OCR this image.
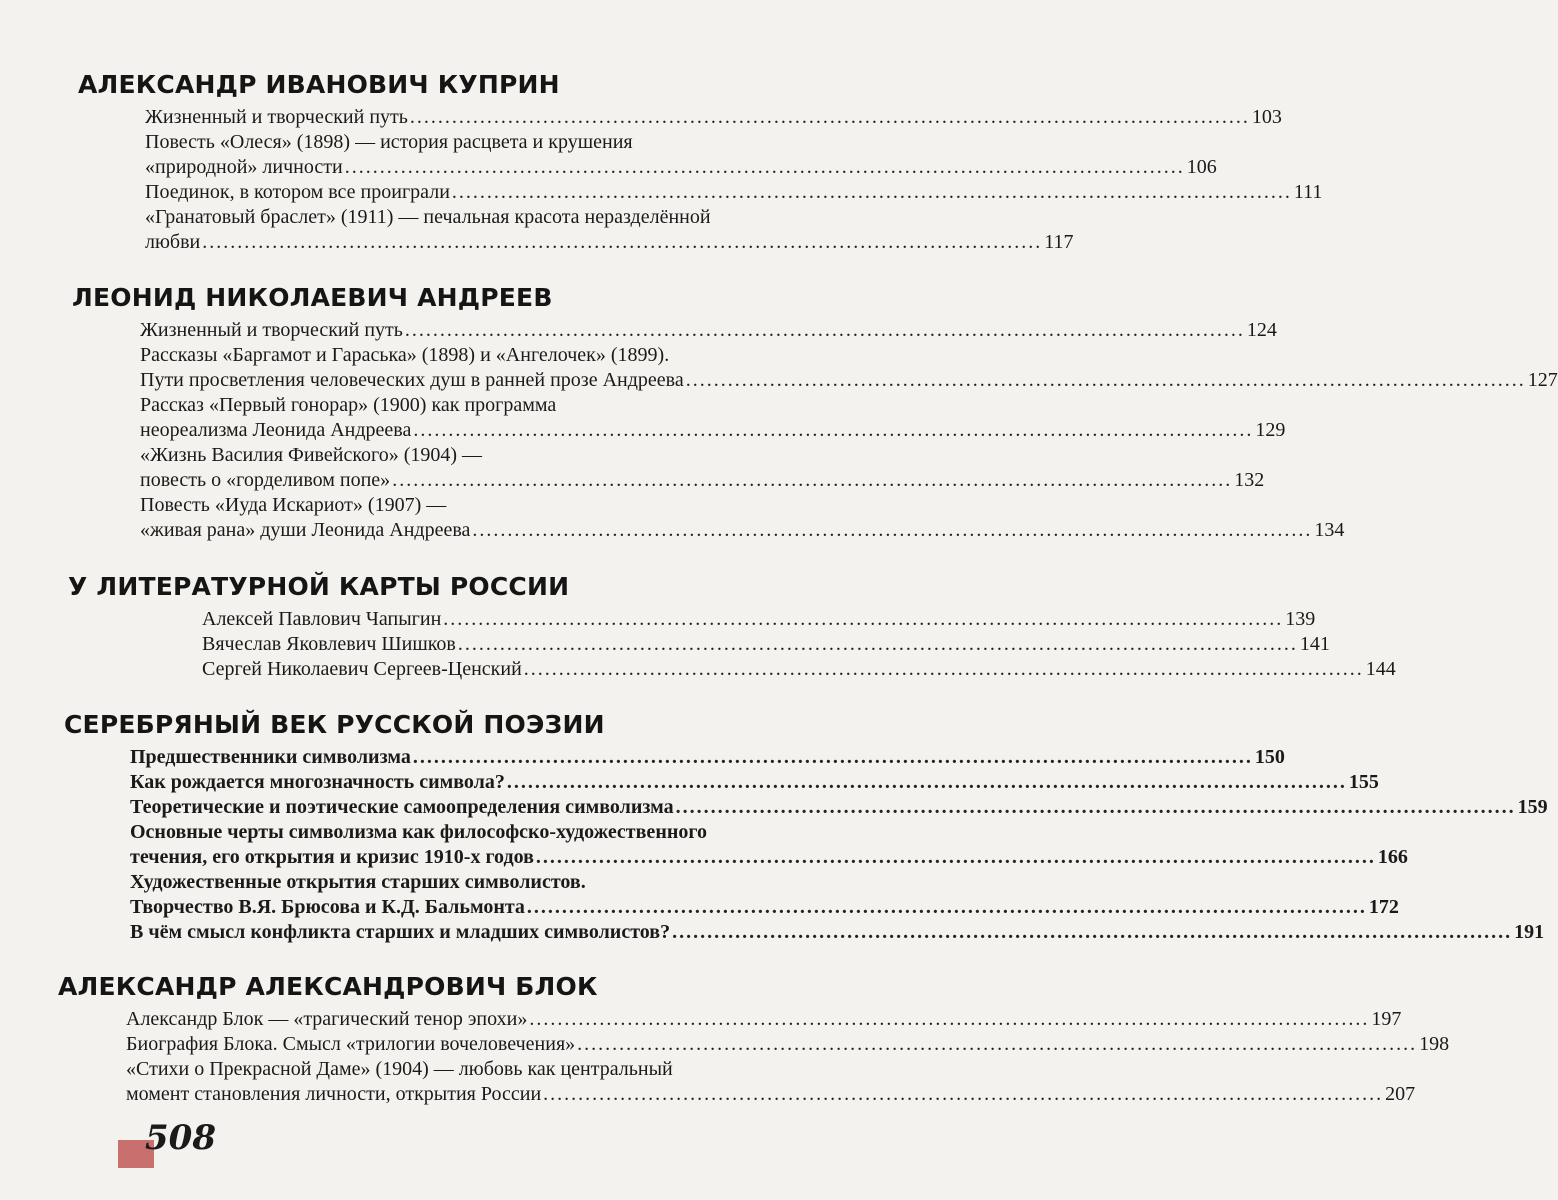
АЛЕКСАНДР ИВАНОВИЧ КУПРИН
Жизненный и творческий путь ........................................................................................................................ 103
Повесть «Олеся» (1898) — история расцвета и крушения
«природной» личности ........................................................................................................................ 106
Поединок, в котором все проиграли ........................................................................................................................ 111
«Гранатовый браслет» (1911) — печальная красота неразделённой
любви ........................................................................................................................ 117
ЛЕОНИД НИКОЛАЕВИЧ АНДРЕЕВ
Жизненный и творческий путь ........................................................................................................................ 124
Рассказы «Баргамот и Гараська» (1898) и «Ангелочек» (1899).
Пути просветления человеческих душ в ранней прозе Андреева ........................................................................................................................ 127
Рассказ «Первый гонорар» (1900) как программа
неореализма Леонида Андреева ........................................................................................................................ 129
«Жизнь Василия Фивейского» (1904) —
повесть о «горделивом попе» ........................................................................................................................ 132
Повесть «Иуда Искариот» (1907) —
«живая рана» души Леонида Андреева ........................................................................................................................ 134
У ЛИТЕРАТУРНОЙ КАРТЫ РОССИИ
Алексей Павлович Чапыгин ........................................................................................................................ 139
Вячеслав Яковлевич Шишков ........................................................................................................................ 141
Сергей Николаевич Сергеев-Ценский ........................................................................................................................ 144
СЕРЕБРЯНЫЙ ВЕК РУССКОЙ ПОЭЗИИ
Предшественники символизма ........................................................................................................................ 150
Как рождается многозначность символа? ........................................................................................................................ 155
Теоретические и поэтические самоопределения символизма ........................................................................................................................ 159
Основные черты символизма как философско-художественного
течения, его открытия и кризис 1910-х годов ........................................................................................................................ 166
Художественные открытия старших символистов.
Творчество В.Я. Брюсова и К.Д. Бальмонта ........................................................................................................................ 172
В чём смысл конфликта старших и младших символистов? ........................................................................................................................ 191
АЛЕКСАНДР АЛЕКСАНДРОВИЧ БЛОК
Александр Блок — «трагический тенор эпохи» ........................................................................................................................ 197
Биография Блока. Смысл «трилогии вочеловечения» ........................................................................................................................ 198
«Стихи о Прекрасной Даме» (1904) — любовь как центральный
момент становления личности, открытия России ........................................................................................................................ 207
508
